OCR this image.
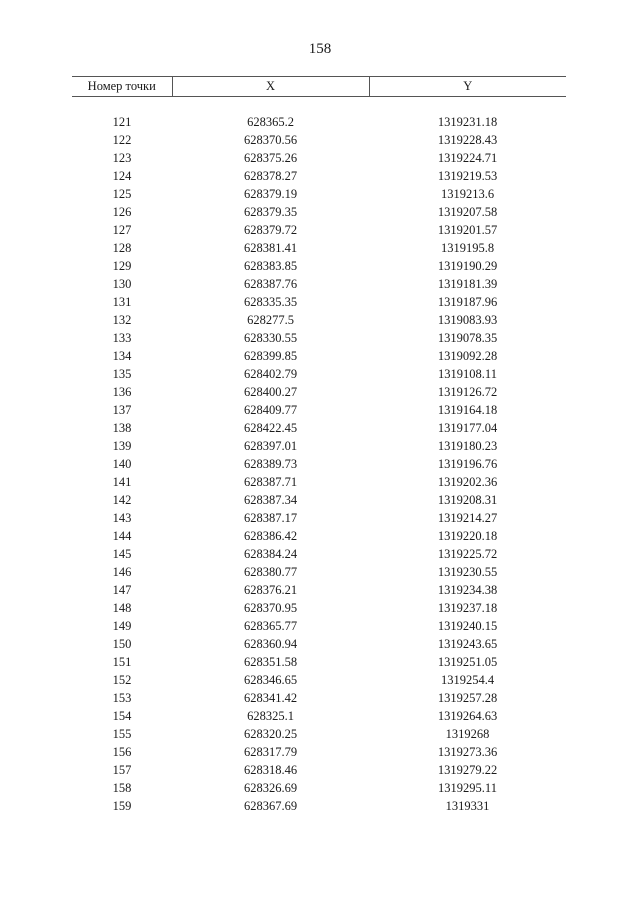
158
Номер точки	X	Y

121	628365.2	1319231.18
122	628370.56	1319228.43
123	628375.26	1319224.71
124	628378.27	1319219.53
125	628379.19	1319213.6
126	628379.35	1319207.58
127	628379.72	1319201.57
128	628381.41	1319195.8
129	628383.85	1319190.29
130	628387.76	1319181.39
131	628335.35	1319187.96
132	628277.5	1319083.93
133	628330.55	1319078.35
134	628399.85	1319092.28
135	628402.79	1319108.11
136	628400.27	1319126.72
137	628409.77	1319164.18
138	628422.45	1319177.04
139	628397.01	1319180.23
140	628389.73	1319196.76
141	628387.71	1319202.36
142	628387.34	1319208.31
143	628387.17	1319214.27
144	628386.42	1319220.18
145	628384.24	1319225.72
146	628380.77	1319230.55
147	628376.21	1319234.38
148	628370.95	1319237.18
149	628365.77	1319240.15
150	628360.94	1319243.65
151	628351.58	1319251.05
152	628346.65	1319254.4
153	628341.42	1319257.28
154	628325.1	1319264.63
155	628320.25	1319268
156	628317.79	1319273.36
157	628318.46	1319279.22
158	628326.69	1319295.11
159	628367.69	1319331
